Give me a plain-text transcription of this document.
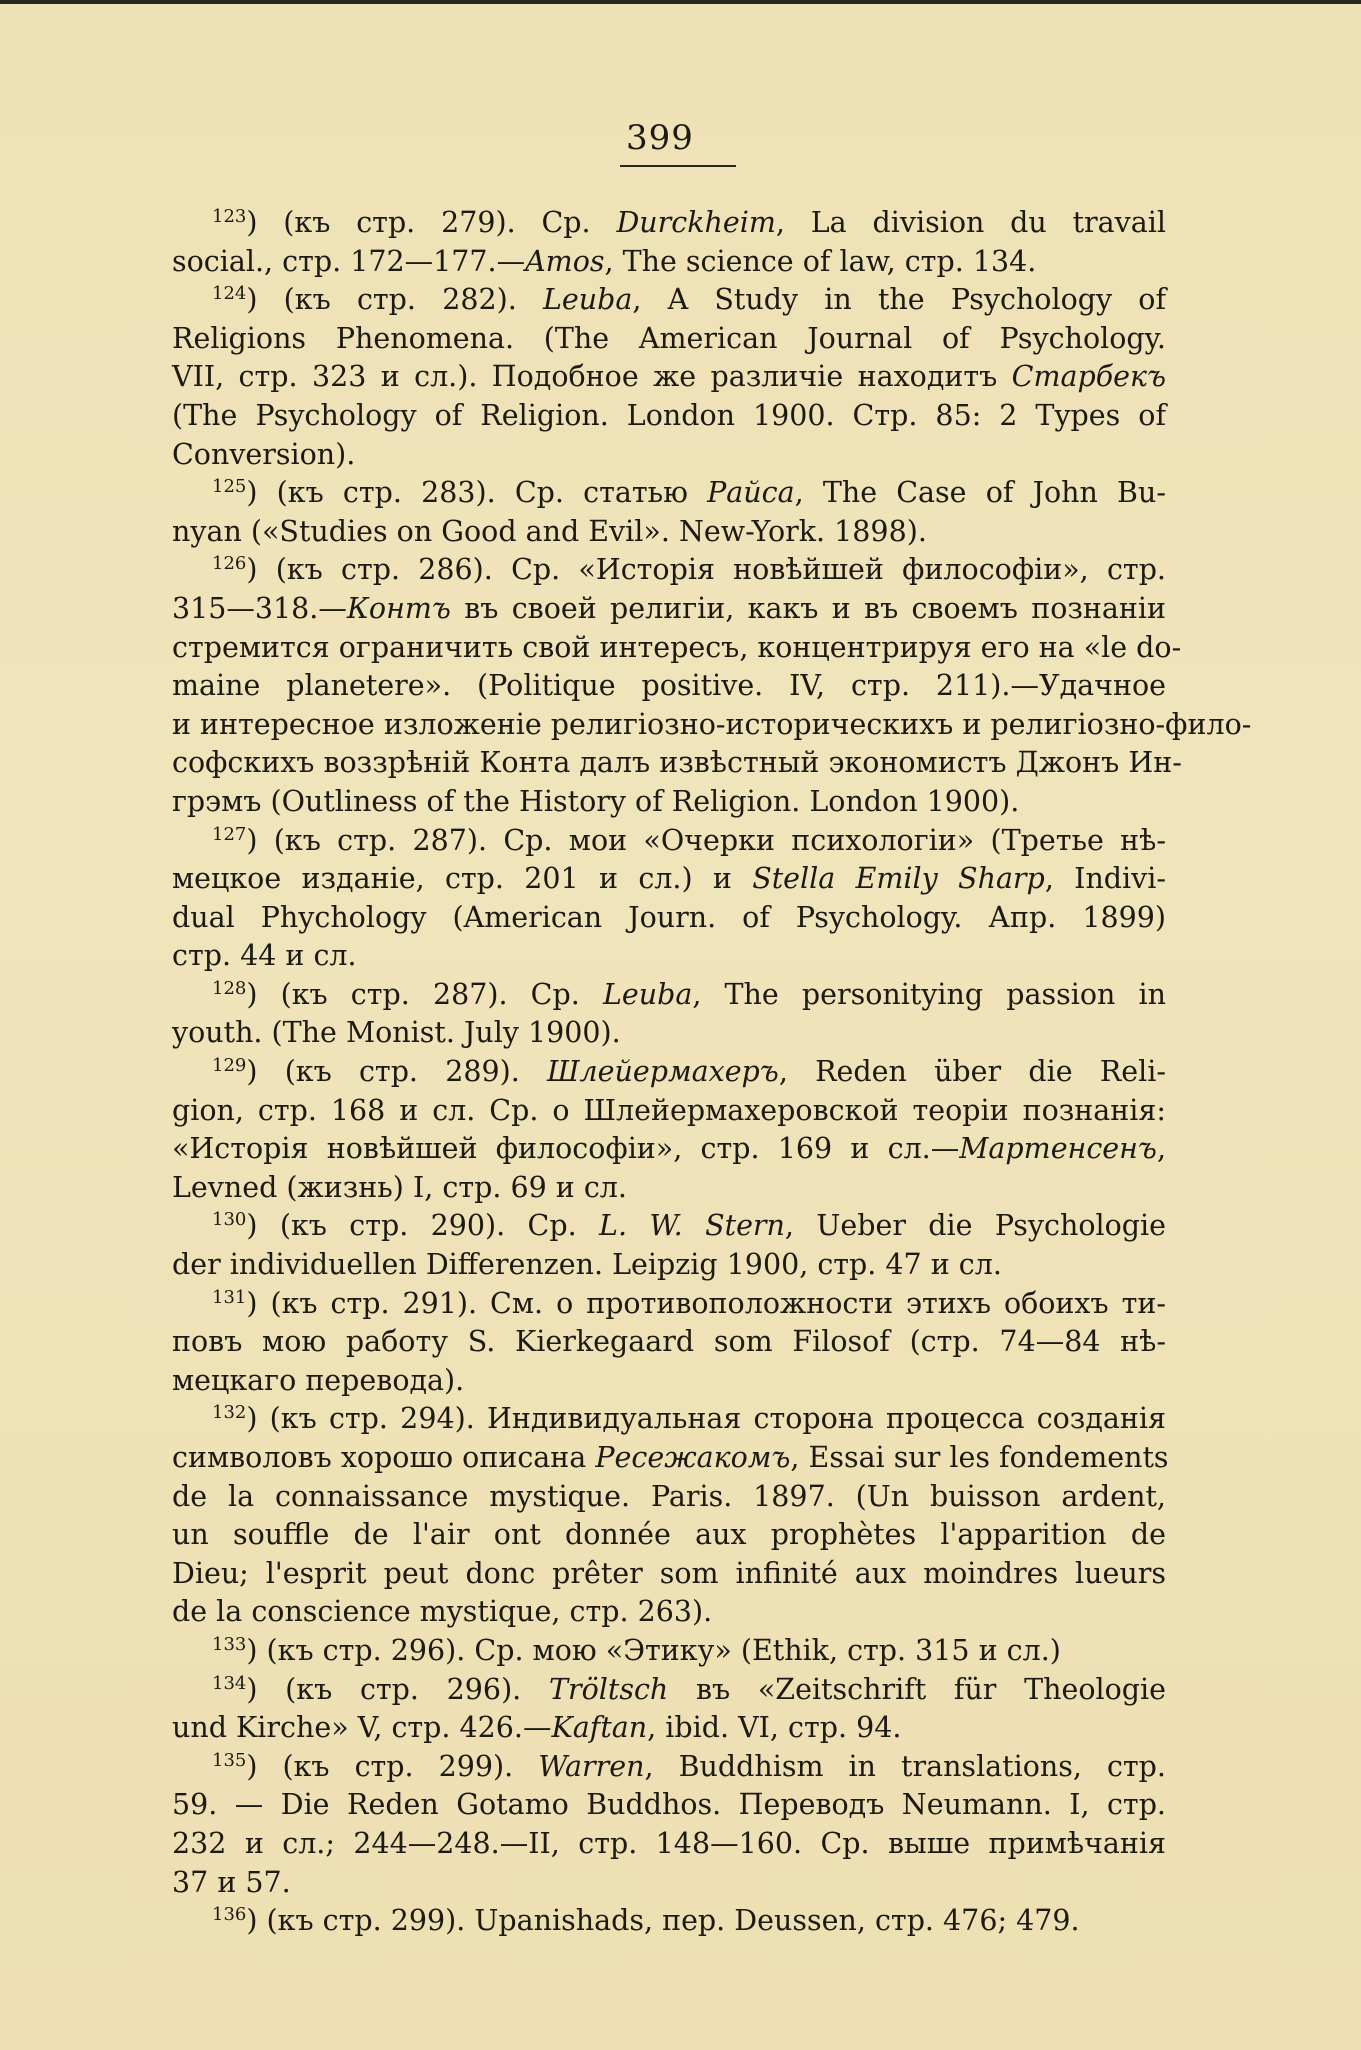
399
$^{123}$) (къ стр. 279). Ср. Durckheim, La division du travail
social., стр. 172—177.—Amos, The science of law, стр. 134.
$^{124}$) (къ стр. 282). Leuba, A Study in the Psychology of
Religions Phenomena. (The American Journal of Psychology.
VII, стр. 323 и сл.). Подобное же различіе находитъ Старбекъ
(The Psychology of Religion. London 1900. Стр. 85: 2 Types of
Conversion).
$^{125}$) (къ стр. 283). Ср. статью Райса, The Case of John Bu-
nyan («Studies on Good and Evil». New-York. 1898).
$^{126}$) (къ стр. 286). Ср. «Исторія новѣйшей философіи», стр.
315—318.—Контъ въ своей религіи, какъ и въ своемъ познаніи
стремится ограничить свой интересъ, концентрируя его на «le do-
maine planetere». (Politique positive. IV, стр. 211).—Удачное
и интересное изложеніе религіозно-историческихъ и религіозно-фило-
софскихъ воззрѣній Конта далъ извѣстный экономистъ Джонъ Ин-
грэмъ (Outliness of the History of Religion. London 1900).
$^{127}$) (къ стр. 287). Ср. мои «Очерки психологіи» (Третье нѣ-
мецкое изданіе, стр. 201 и сл.) и Stella Emily Sharp, Indivi-
dual Phychology (American Journ. of Psychology. Апр. 1899)
стр. 44 и сл.
$^{128}$) (къ стр. 287). Ср. Leuba, The personitying passion in
youth. (The Monist. July 1900).
$^{129}$) (къ стр. 289). Шлейермахеръ, Reden über die Reli-
gion, стр. 168 и сл. Ср. о Шлейермахеровской теоріи познанія:
«Исторія новѣйшей философіи», стр. 169 и сл.—Мартенсенъ,
Levned (жизнь) I, стр. 69 и сл.
$^{130}$) (къ стр. 290). Ср. L. W. Stern, Ueber die Psychologie
der individuellen Differenzen. Leipzig 1900, стр. 47 и сл.
$^{131}$) (къ стр. 291). См. о противоположности этихъ обоихъ ти-
повъ мою работу S. Kierkegaard som Filosof (стр. 74—84 нѣ-
мецкаго перевода).
$^{132}$) (къ стр. 294). Индивидуальная сторона процесса созданія
символовъ хорошо описана Ресежакомъ, Essai sur les fondements
de la connaissance mystique. Paris. 1897. (Un buisson ardent,
un souffle de l'air ont donnée aux prophètes l'apparition de
Dieu; l'esprit peut donc prêter som infinité aux moindres lueurs
de la conscience mystique, стр. 263).
$^{133}$) (къ стр. 296). Ср. мою «Этику» (Ethik, стр. 315 и сл.)
$^{134}$) (къ стр. 296). Tröltsch въ «Zeitschrift für Theologie
und Kirche» V, стр. 426.—Kaftan, ibid. VI, стр. 94.
$^{135}$) (къ стр. 299). Warren, Buddhism in translations, стр.
59. — Die Reden Gotamo Buddhos. Переводъ Neumann. I, стр.
232 и сл.; 244—248.—II, стр. 148—160. Ср. выше примѣчанія
37 и 57.
$^{136}$) (къ стр. 299). Upanishads, пер. Deussen, стр. 476; 479.
